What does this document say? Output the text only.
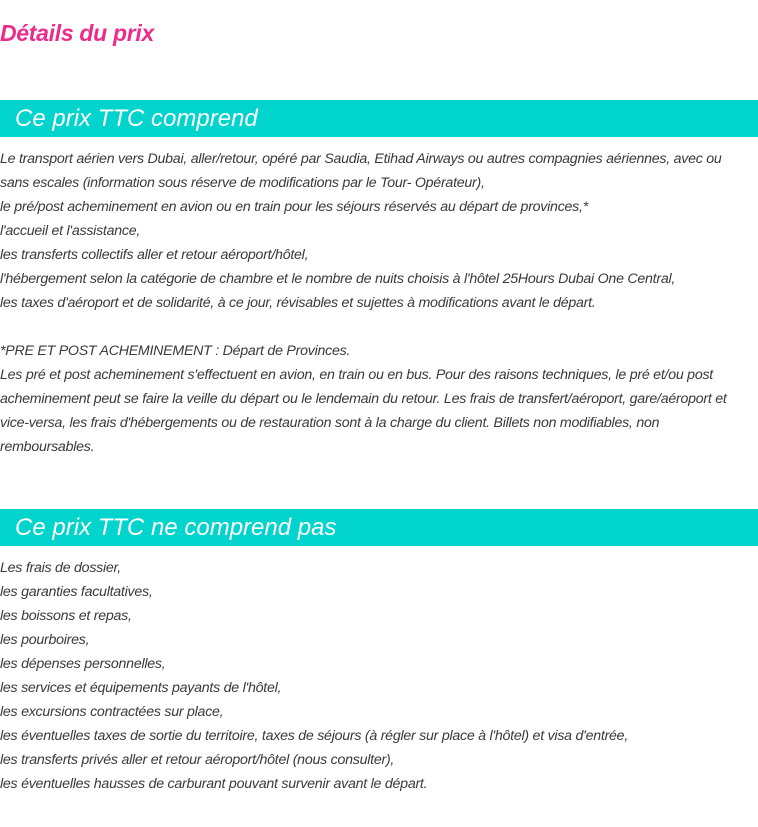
Détails du prix
Ce prix TTC comprend
Le transport aérien vers Dubai, aller/retour, opéré par Saudia, Etihad Airways ou autres compagnies aériennes, avec ou sans escales (information sous réserve de modifications par le Tour- Opérateur),
le pré/post acheminement en avion ou en train pour les séjours réservés au départ de provinces,*
l'accueil et l'assistance,
les transferts collectifs aller et retour aéroport/hôtel,
l'hébergement selon la catégorie de chambre et le nombre de nuits choisis à l'hôtel 25Hours Dubai One Central,
les taxes d'aéroport et de solidarité, à ce jour, révisables et sujettes à modifications avant le départ.
*PRE ET POST ACHEMINEMENT : Départ de Provinces.
Les pré et post acheminement s'effectuent en avion, en train ou en bus. Pour des raisons techniques, le pré et/ou post acheminement peut se faire la veille du départ ou le lendemain du retour. Les frais de transfert/aéroport, gare/aéroport et vice-versa, les frais d'hébergements ou de restauration sont à la charge du client. Billets non modifiables, non remboursables.
Ce prix TTC ne comprend pas
Les frais de dossier,
les garanties facultatives,
les boissons et repas,
les pourboires,
les dépenses personnelles,
les services et équipements payants de l'hôtel,
les excursions contractées sur place,
les éventuelles taxes de sortie du territoire, taxes de séjours (à régler sur place à l'hôtel) et visa d'entrée,
les transferts privés aller et retour aéroport/hôtel (nous consulter),
les éventuelles hausses de carburant pouvant survenir avant le départ.
